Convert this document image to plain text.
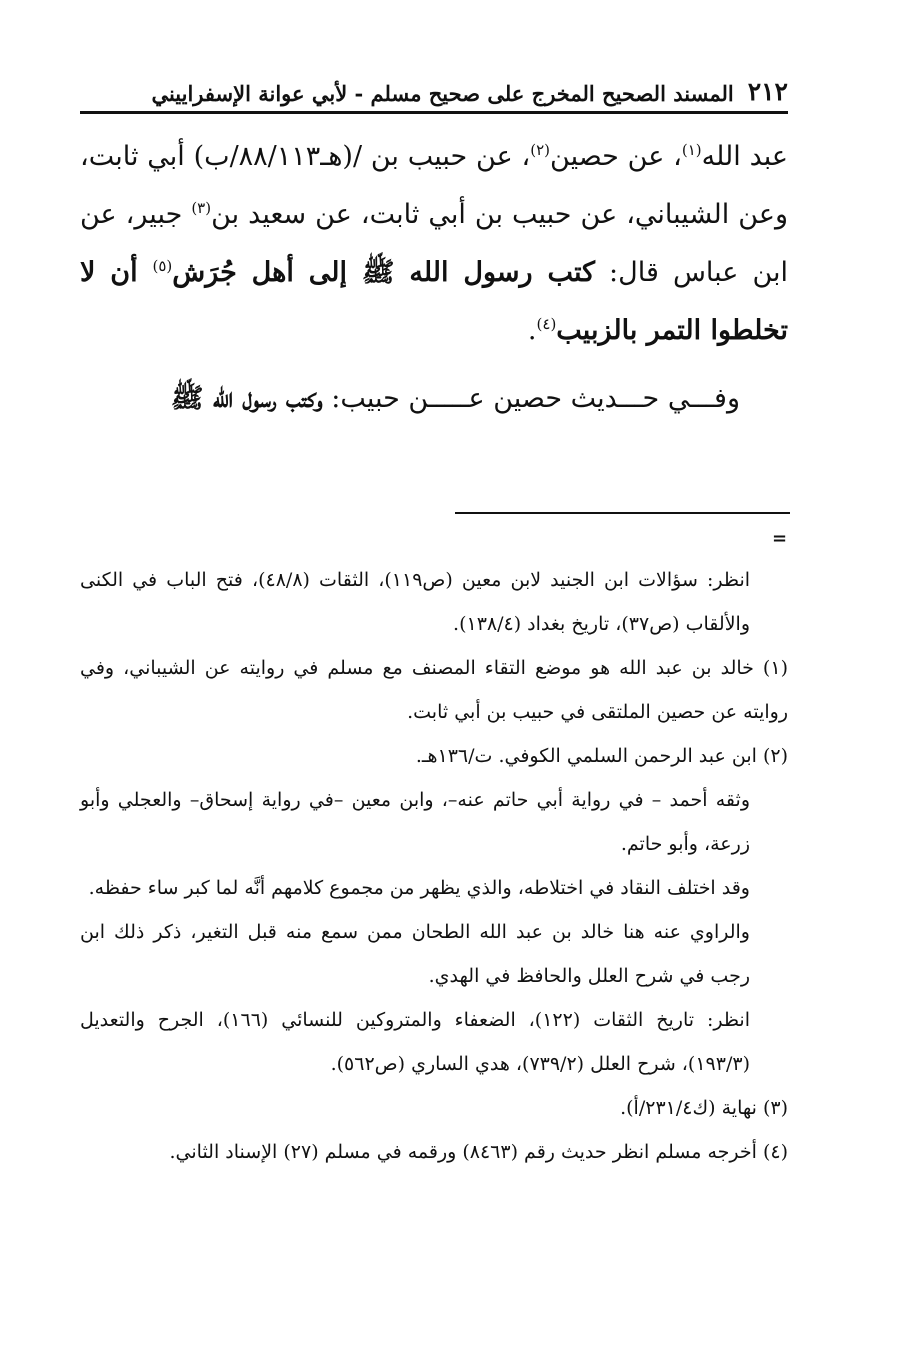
٢١٢
المسند الصحيح المخرج على صحيح مسلم - لأبي عوانة الإسفراييني

عبد الله$^{(١)}$، عن حصين$^{(٢)}$، عن حبيب بن /(هـ٨٨/١١٣/ب) أبي ثابت، وعن الشيباني، عن حبيب بن أبي ثابت، عن سعيد بن$^{(٣)}$ جبير، عن ابن عباس قال: كتب رسول الله ﷺ إلى أهل جُرَش$^{(٥)}$ أن لا تخلطوا التمر بالزبيب$^{(٤)}$.

وفـــي حـــديث حصين عـــــن حبيب: وكتب رسول الله ﷺ

=

انظر: سؤالات ابن الجنيد لابن معين (ص١١٩)، الثقات (٤٨/٨)، فتح الباب في الكنى والألقاب (ص٣٧)، تاريخ بغداد (١٣٨/٤).

(١) خالد بن عبد الله هو موضع التقاء المصنف مع مسلم في روايته عن الشيباني، وفي روايته عن حصين الملتقى في حبيب بن أبي ثابت.

(٢) ابن عبد الرحمن السلمي الكوفي. ت/١٣٦هـ.

وثقه أحمد – في رواية أبي حاتم عنه–، وابن معين –في رواية إسحاق– والعجلي وأبو زرعة، وأبو حاتم.

وقد اختلف النقاد في اختلاطه، والذي يظهر من مجموع كلامهم أنَّه لما كبر ساء حفظه.

والراوي عنه هنا خالد بن عبد الله الطحان ممن سمع منه قبل التغير، ذكر ذلك ابن رجب في شرح العلل والحافظ في الهدي.

انظر: تاريخ الثقات (١٢٢)، الضعفاء والمتروكين للنسائي (١٦٦)، الجرح والتعديل (١٩٣/٣)، شرح العلل (٧٣٩/٢)، هدي الساري (ص٥٦٢).

(٣) نهاية (ك٢٣١/٤/أ).

(٤) أخرجه مسلم انظر حديث رقم (٨٤٦٣) ورقمه في مسلم (٢٧) الإسناد الثاني.
